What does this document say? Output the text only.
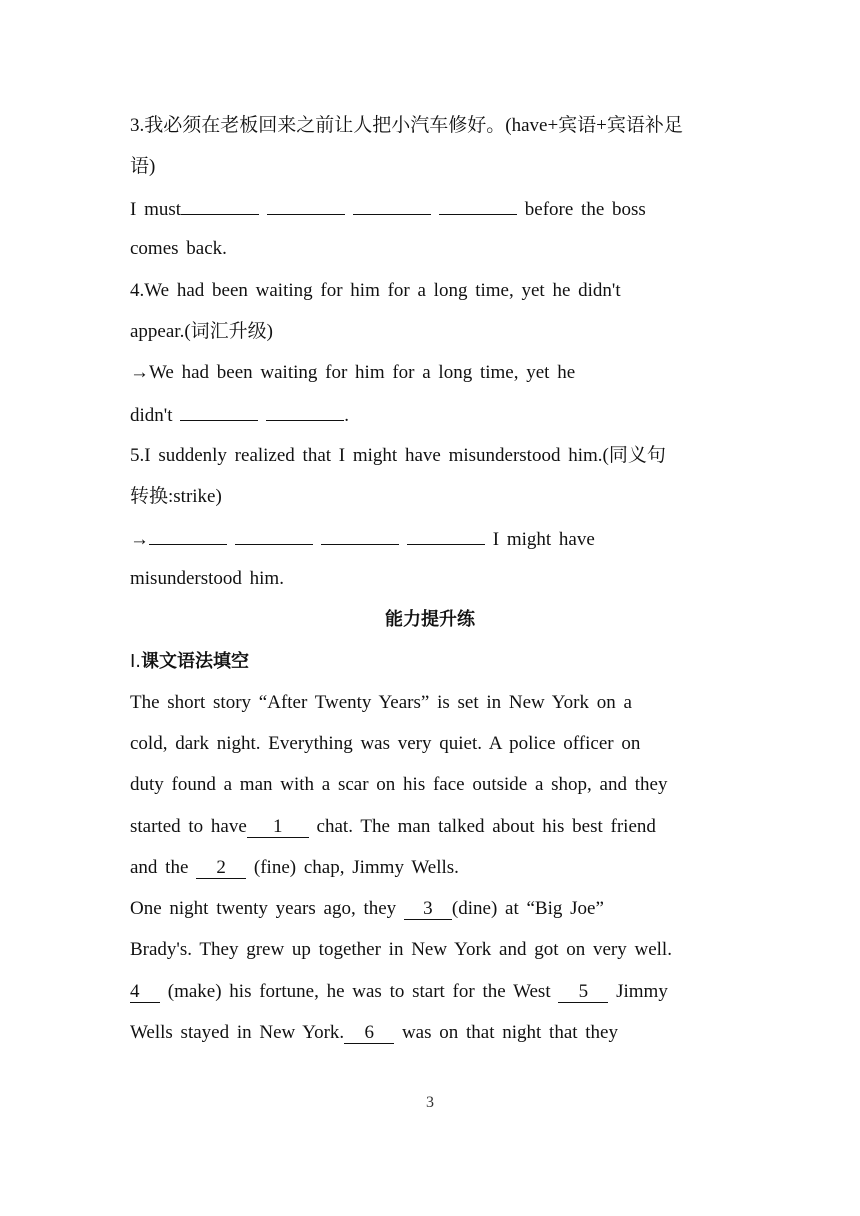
3.我必须在老板回来之前让人把小汽车修好。(have+宾语+宾语补足
语)
I must	before the boss
comes back.
4.We had been waiting for him for a long time, yet he didn't
appear.(词汇升级)
→We had been waiting for him for a long time, yet he
didn't	.
5.I suddenly realized that I might have misunderstood him.(同义句
转换:strike)
→	I might have
misunderstood him.
能力提升练
Ⅰ.课文语法填空
The short story “After Twenty Years” is set in New York on a
cold, dark night. Everything was very quiet. A police officer on
duty found a man with a scar on his face outside a shop, and they
started to have 1 chat. The man talked about his best friend
and the 2 (fine) chap, Jimmy Wells.
One night twenty years ago, they 3 (dine) at “Big Joe”
Brady's. They grew up together in New York and got on very well.
4 (make) his fortune, he was to start for the West 5 Jimmy
Wells stayed in New York. 6 was on that night that they
3
